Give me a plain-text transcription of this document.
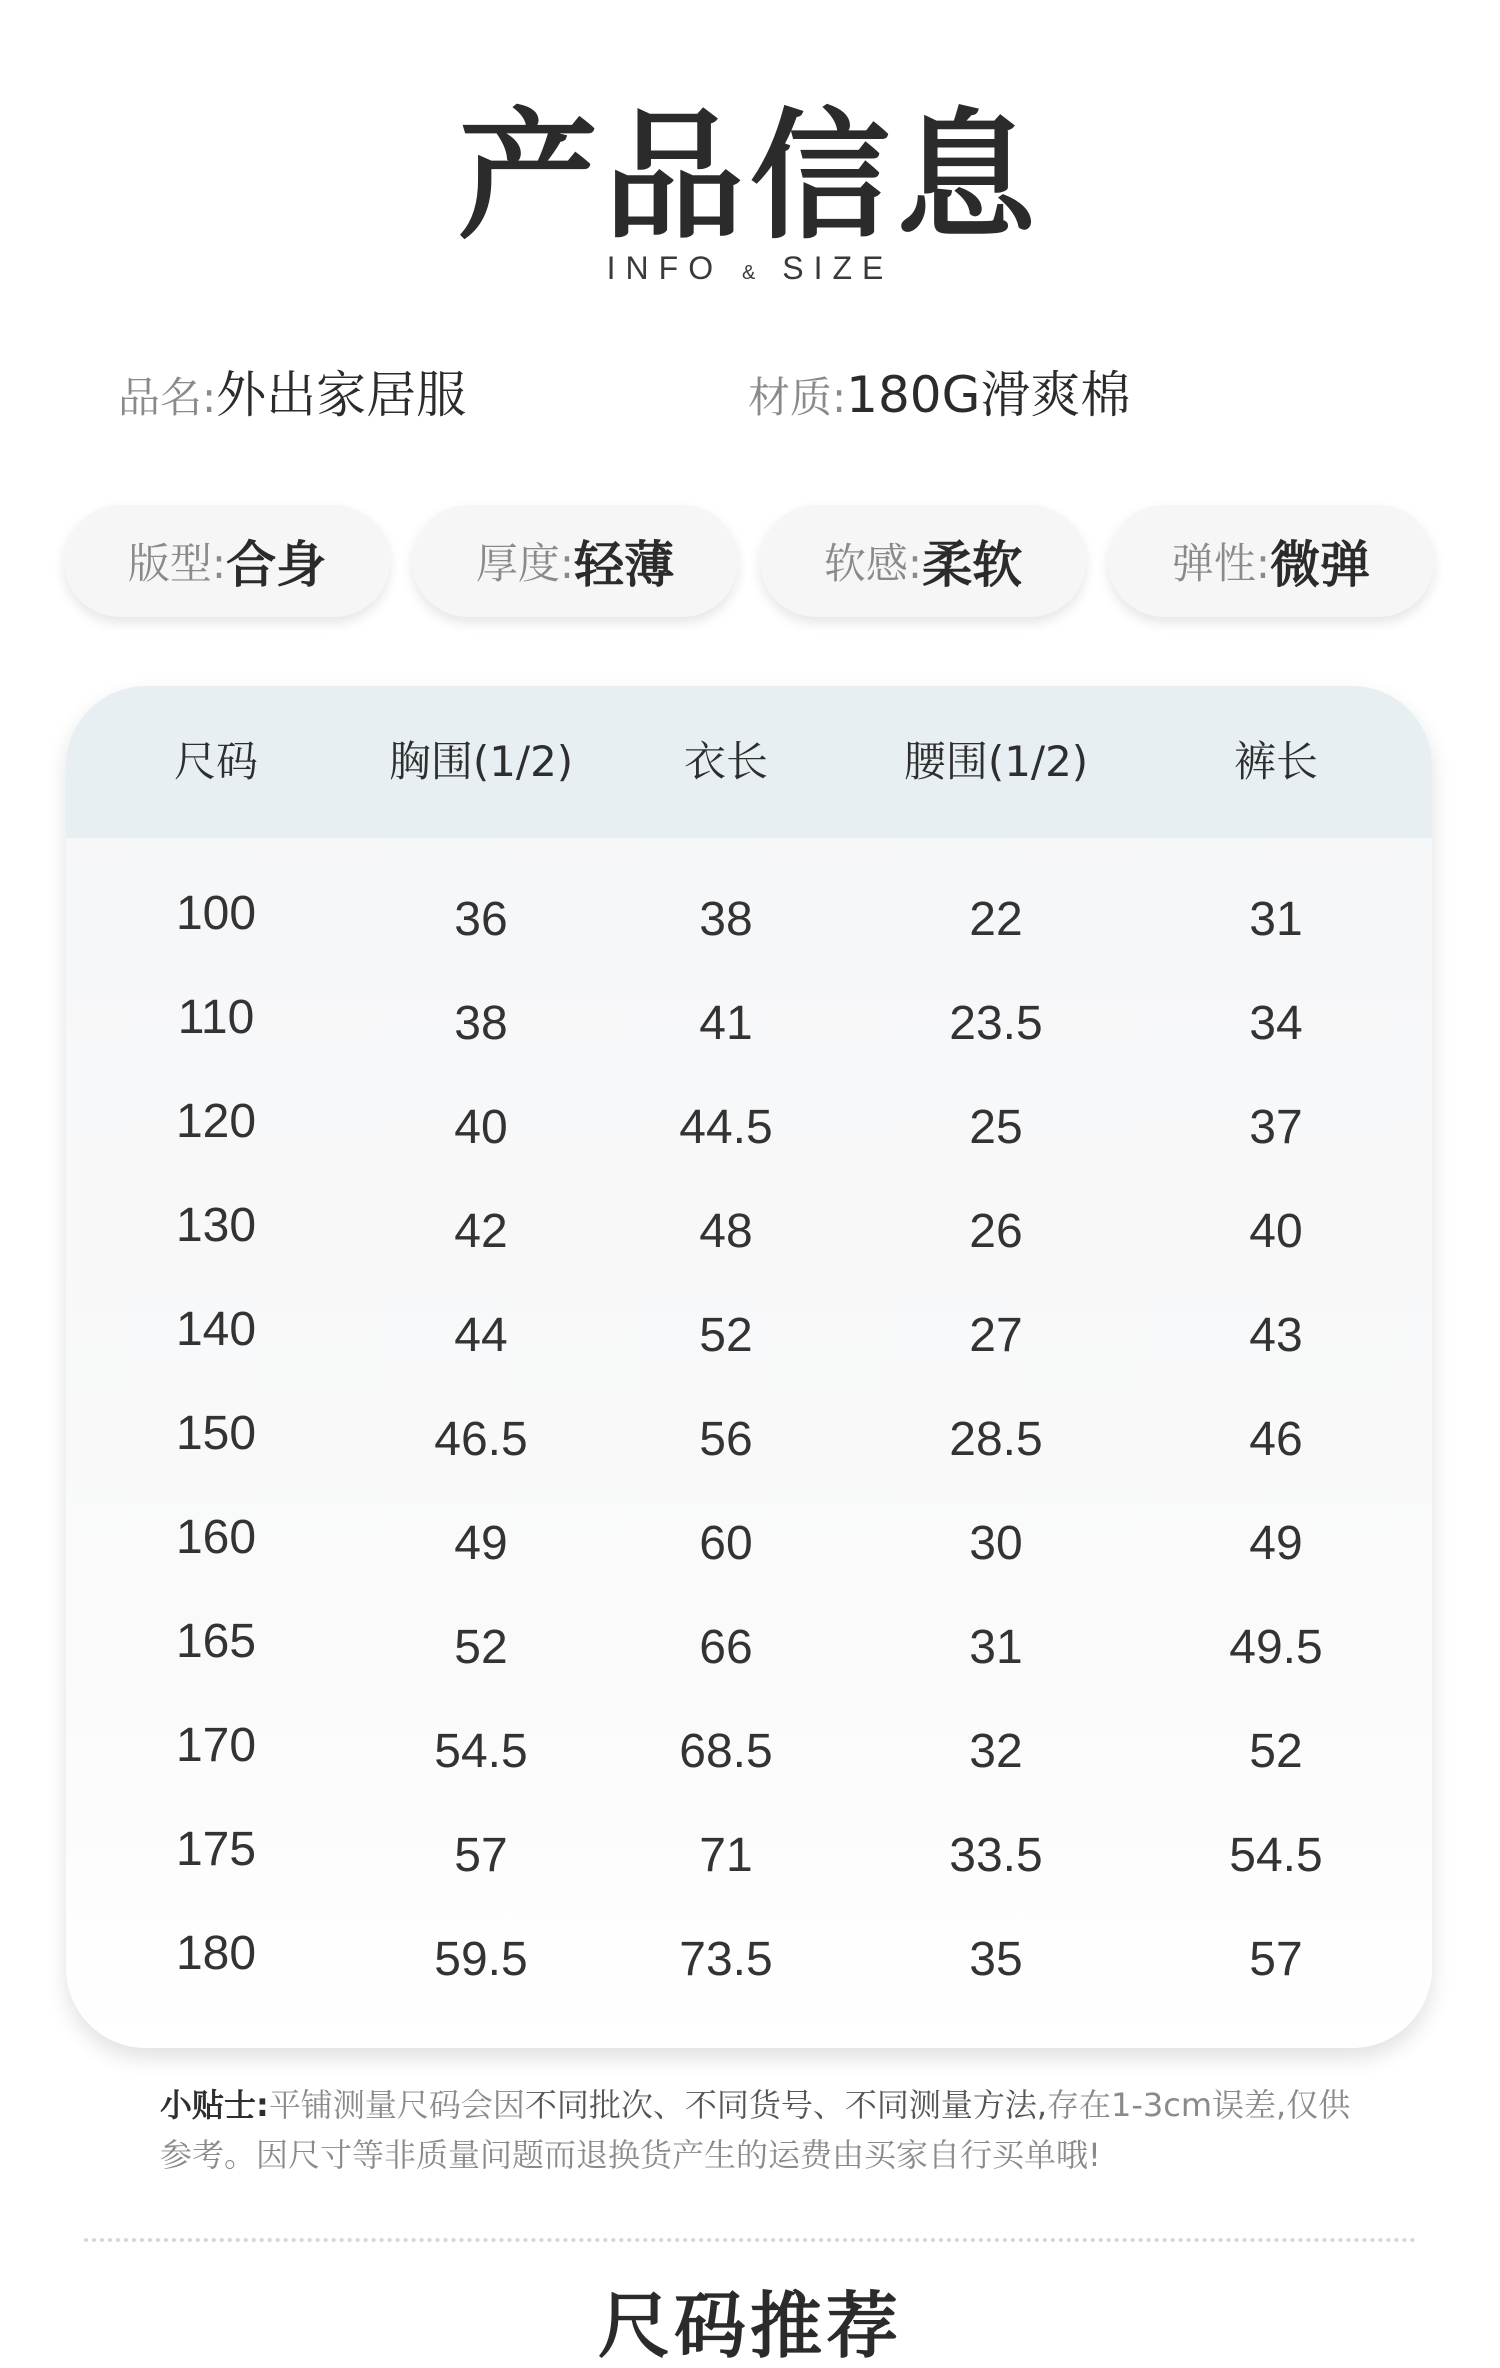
产品信息
INFO & SIZE
品名:外出家居服	材质:180G滑爽棉
版型: 合身	厚度: 轻薄	软感: 柔软	弹性: 微弹
尺码	胸围(1/2)	衣长	腰围(1/2)	裤长
100	36	38	22	31
110	38	41	23.5	34
120	40	44.5	25	37
130	42	48	26	40
140	44	52	27	43
150	46.5	56	28.5	46
160	49	60	30	49
165	52	66	31	49.5
170	54.5	68.5	32	52
175	57	71	33.5	54.5
180	59.5	73.5	35	57
小贴士:平铺测量尺码会因不同批次、不同货号、不同测量方法,存在1-3cm误差,仅供参考。因尺寸等非质量问题而退换货产生的运费由买家自行买单哦!
尺码推荐
